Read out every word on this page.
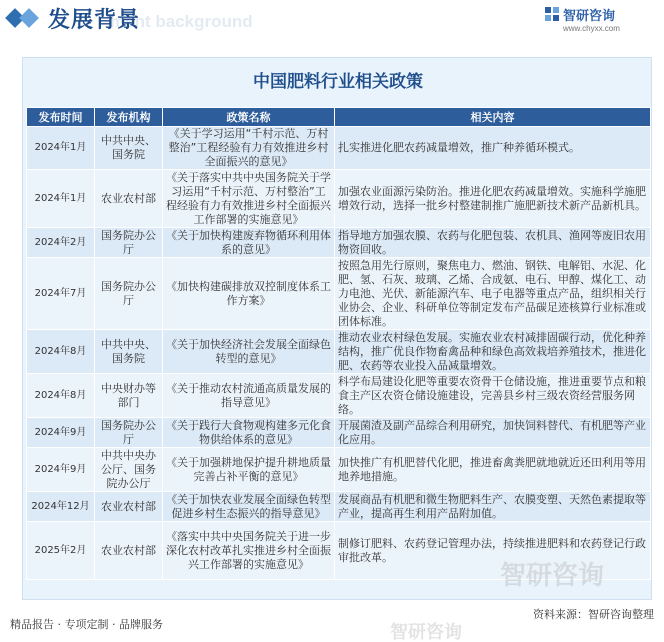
ment background
发展背景	智研咨询
www.chyxx.com
中国肥料行业相关政策
发布时间	发布机构	政策名称	相关内容
2024年1月	中共中央、国务院	《关于学习运用“千村示范、万村整治”工程经验有力有效推进乡村全面振兴的意见》	扎实推进化肥农药减量增效，推广种养循环模式。
2024年1月	农业农村部	《关于落实中共中央国务院关于学习运用“千村示范、万村整治”工程经验有力有效推进乡村全面振兴工作部署的实施意见》	加强农业面源污染防治。推进化肥农药减量增效。实施科学施肥增效行动，选择一批乡村整建制推广施肥新技术新产品新机具。
2024年2月	国务院办公厅	《关于加快构建废弃物循环利用体系的意见》	指导地方加强农膜、农药与化肥包装、农机具、渔网等废旧农用物资回收。
2024年7月	国务院办公厅	《加快构建碳排放双控制度体系工作方案》	按照急用先行原则，聚焦电力、燃油、钢铁、电解铝、水泥、化肥、氢、石灰、玻璃、乙烯、合成氨、电石、甲醇、煤化工、动力电池、光伏、新能源汽车、电子电器等重点产品，组织相关行业协会、企业、科研单位等制定发布产品碳足迹核算行业标准或团体标准。
2024年8月	中共中央、国务院	《关于加快经济社会发展全面绿色转型的意见》	推动农业农村绿色发展。实施农业农村减排固碳行动，优化种养结构，推广优良作物畜禽品种和绿色高效栽培养殖技术，推进化肥、农药等农业投入品减量增效。
2024年8月	中央财办等部门	《关于推动农村流通高质量发展的指导意见》	科学布局建设化肥等重要农资骨干仓储设施，推进重要节点和粮食主产区农资仓储设施建设，完善县乡村三级农资经营服务网络。
2024年9月	国务院办公厅	《关于践行大食物观构建多元化食物供给体系的意见》	开展菌渣及副产品综合利用研究，加快饲料替代、有机肥等产业化应用。
2024年9月	中共中央办公厅、国务院办公厅	《关于加强耕地保护提升耕地质量完善占补平衡的意见》	加快推广有机肥替代化肥，推进畜禽粪肥就地就近还田利用等用地养地措施。
2024年12月	农业农村部	《关于加快农业发展全面绿色转型促进乡村生态振兴的指导意见》	发展商品有机肥和微生物肥料生产、农膜变塑、天然色素提取等产业，提高再生利用产品附加值。
2025年2月	农业农村部	《落实中共中央国务院关于进一步深化农村改革扎实推进乡村全面振兴工作部署的实施意见》	制修订肥料、农药登记管理办法，持续推进肥料和农药登记行政审批改革。
智研咨询
智研咨询
精品报告 · 专项定制 · 品牌服务
资料来源：智研咨询整理
